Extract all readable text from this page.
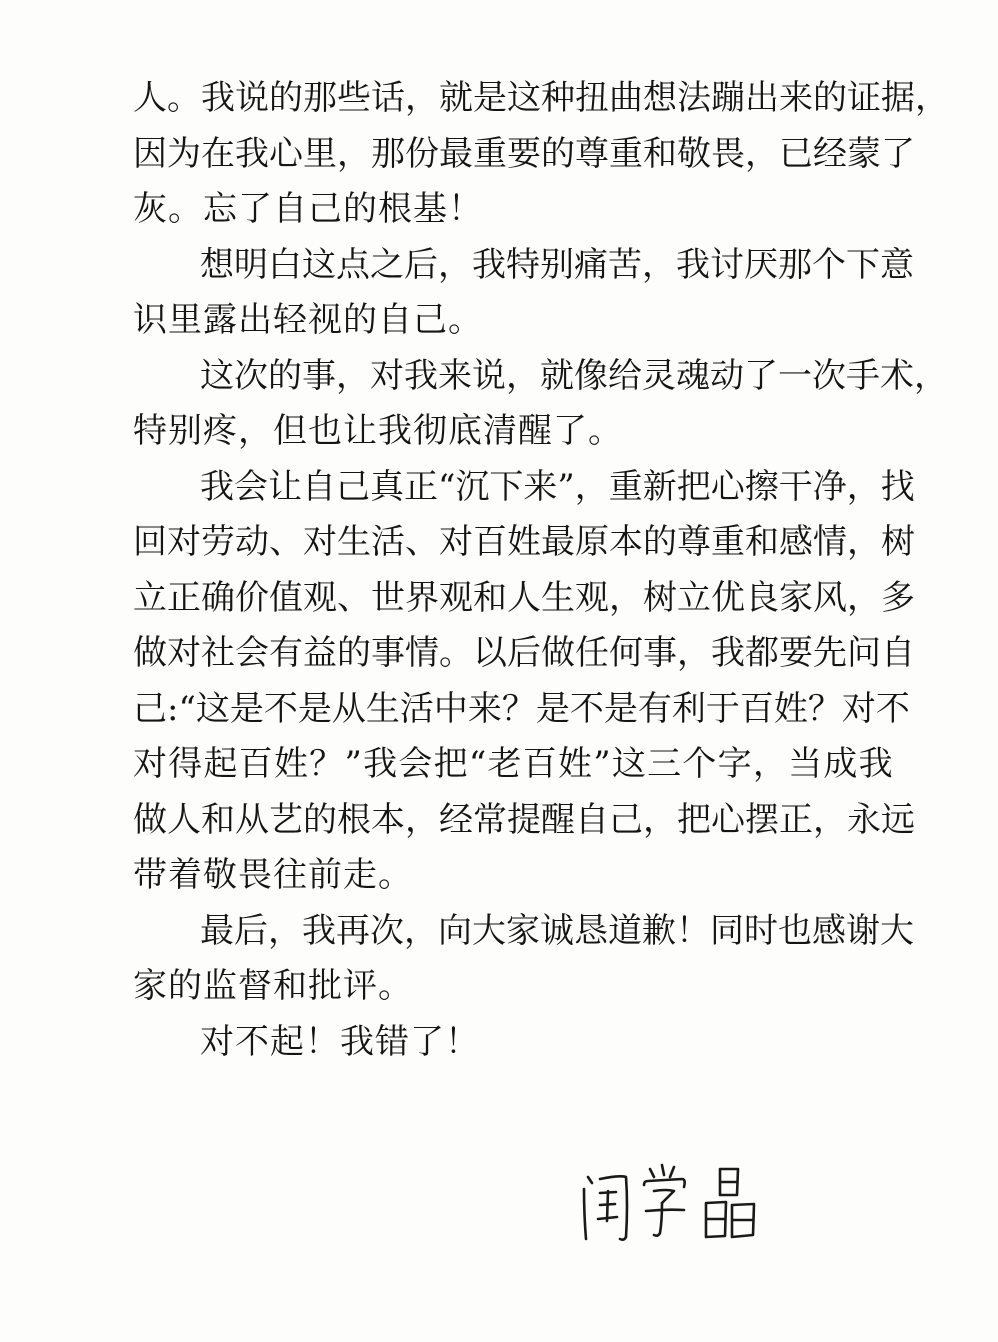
人 。 我 说 的 那 些 话 ， 就 是 这 种 扭 曲 想 法 蹦 出 来 的 证 据 ，
因 为 在 我 心 里 ， 那 份 最 重 要 的 尊 重 和 敬 畏 ， 已 经 蒙 了
灰。忘了自己的根基！
想 明 白 这 点 之 后 ， 我 特 别 痛 苦 ， 我 讨 厌 那 个 下 意
识里露出轻视的自己。
这 次 的 事 ， 对 我 来 说 ， 就 像 给 灵 魂 动 了 一 次 手 术 ，
特别疼，但也让我彻底清醒了。
我 会 让 自 己 真 正 “ 沉 下 来 ” ， 重 新 把 心 擦 干 净 ， 找
回 对 劳 动 、 对 生 活 、 对 百 姓 最 原 本 的 尊 重 和 感 情 ， 树
立 正 确 价 值 观 、 世 界 观 和 人 生 观 ， 树 立 优 良 家 风 ， 多
做 对 社 会 有 益 的 事 情 。 以 后 做 任 何 事 ， 我 都 要 先 问 自
己 : “ 这 是 不 是 从 生 活 中 来 ？ 是 不 是 有 利 于 百 姓 ？ 对 不
对 得 起 百 姓 ？ ” 我 会 把 “ 老 百 姓 ” 这 三 个 字 ， 当 成 我
做 人 和 从 艺 的 根 本 ， 经 常 提 醒 自 己 ， 把 心 摆 正 ， 永 远
带着敬畏往前走。
最 后 ， 我 再 次 ， 向 大 家 诚 恳 道 歉 ！ 同 时 也 感 谢 大
家的监督和批评。
对不起！我错了！
